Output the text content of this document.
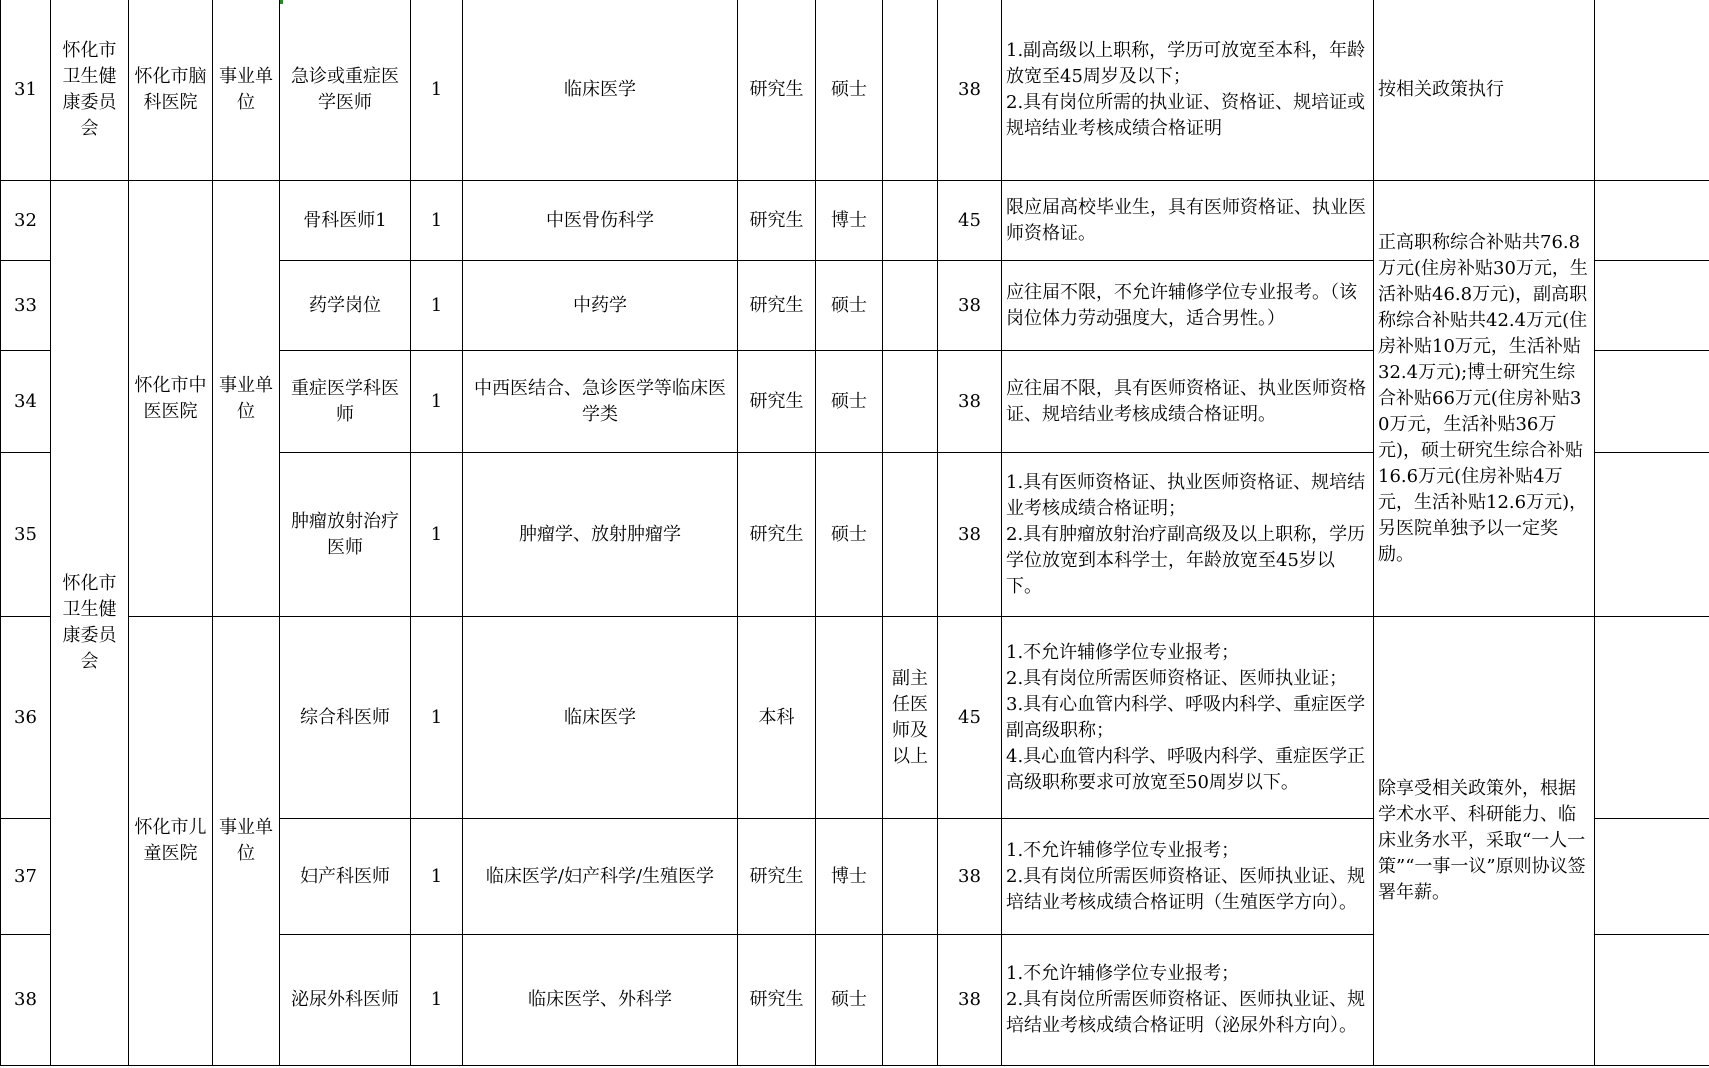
31	怀化市卫生健康委员会	怀化市脑科医院	事业单位	急诊或重症医学医师	1	临床医学	研究生	硕士		38	1.副高级以上职称，学历可放宽至本科，年龄放宽至45周岁及以下；
2.具有岗位所需的执业证、资格证、规培证或规培结业考核成绩合格证明	按相关政策执行	
32	怀化市卫生健康委员会	怀化市中医医院	事业单位	骨科医师1	1	中医骨伤科学	研究生	博士		45	限应届高校毕业生，具有医师资格证、执业医师资格证。	正高职称综合补贴共76.8万元(住房补贴30万元，生活补贴46.8万元)，副高职称综合补贴共42.4万元(住房补贴10万元，生活补贴32.4万元);博士研究生综合补贴66万元(住房补贴30万元，生活补贴36万元)，硕士研究生综合补贴16.6万元(住房补贴4万元，生活补贴12.6万元)，另医院单独予以一定奖励。	
33				药学岗位	1	中药学	研究生	硕士		38	应往届不限，不允许辅修学位专业报考。（该岗位体力劳动强度大，适合男性。）		
34				重症医学科医师	1	中西医结合、急诊医学等临床医学类	研究生	硕士		38	应往届不限，具有医师资格证、执业医师资格证、规培结业考核成绩合格证明。		
35				肿瘤放射治疗医师	1	肿瘤学、放射肿瘤学	研究生	硕士		38	1.具有医师资格证、执业医师资格证、规培结业考核成绩合格证明；
2.具有肿瘤放射治疗副高级及以上职称，学历学位放宽到本科学士，年龄放宽至45岁以下。		

36		怀化市儿童医院	事业单位	综合科医师	1	临床医学	本科		副主任医师及以上	45	1.不允许辅修学位专业报考；
2.具有岗位所需医师资格证、医师执业证；
3.具有心血管内科学、呼吸内科学、重症医学副高级职称；
4.具心血管内科学、呼吸内科学、重症医学正高级职称要求可放宽至50周岁以下。	除享受相关政策外，根据学术水平、科研能力、临床业务水平，采取“一人一策”“一事一议”原则协议签署年薪。	
37				妇产科医师	1	临床医学/妇产科学/生殖医学	研究生	博士		38	1.不允许辅修学位专业报考；
2.具有岗位所需医师资格证、医师执业证、规培结业考核成绩合格证明（生殖医学方向）。		

38				泌尿外科医师	1	临床医学、外科学	研究生	硕士		38	1.不允许辅修学位专业报考；
2.具有岗位所需医师资格证、医师执业证、规培结业考核成绩合格证明（泌尿外科方向）。		
